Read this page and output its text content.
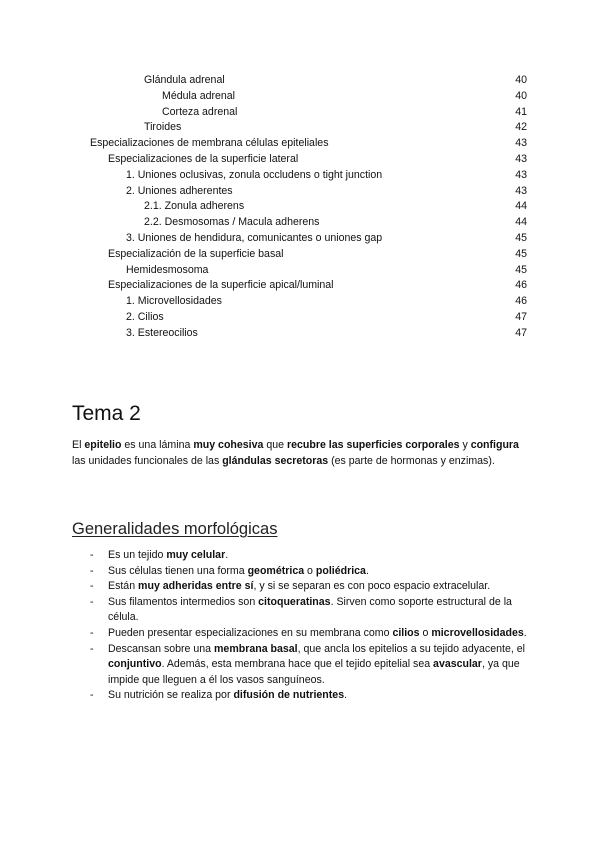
Glándula adrenal	40
Médula adrenal	40
Corteza adrenal	41
Tiroides	42
Especializaciones de membrana células epiteliales	43
Especializaciones de la superficie lateral	43
1. Uniones oclusivas, zonula occludens o tight junction	43
2. Uniones adherentes	43
2.1. Zonula adherens	44
2.2. Desmosomas / Macula adherens	44
3. Uniones de hendidura, comunicantes o uniones gap	45
Especialización de la superficie basal	45
Hemidesmosoma	45
Especializaciones de la superficie apical/luminal	46
1. Microvellosidades	46
2. Cilios	47
3. Estereocilios	47
Tema 2

El epitelio es una lámina muy cohesiva que recubre las superficies corporales y configura las unidades funcionales de las glándulas secretoras (es parte de hormonas y enzimas).

Generalidades morfológicas
- Es un tejido muy celular.
- Sus células tienen una forma geométrica o poliédrica.
- Están muy adheridas entre sí, y si se separan es con poco espacio extracelular.
- Sus filamentos intermedios son citoqueratinas. Sirven como soporte estructural de la célula.
- Pueden presentar especializaciones en su membrana como cilios o microvellosidades.
- Descansan sobre una membrana basal, que ancla los epitelios a su tejido adyacente, el conjuntivo. Además, esta membrana hace que el tejido epitelial sea avascular, ya que impide que lleguen a él los vasos sanguíneos.
- Su nutrición se realiza por difusión de nutrientes.
